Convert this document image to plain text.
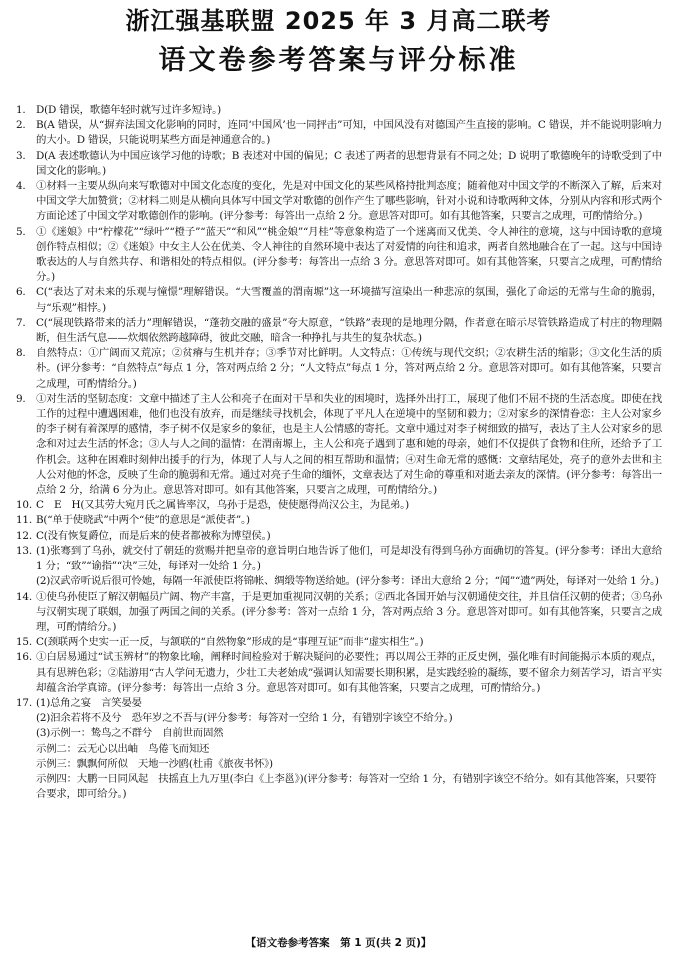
浙江强基联盟 2025 年 3 月高二联考
语文卷参考答案与评分标准

1. D(D 错误，歌德年轻时就写过许多短诗。)

2. B(A 错误，从“摒弃法国文化影响的同时，连同‘中国风’也一同抨击”可知，中国风没有对德国产生直接的影响。C 错误，并不能说明影响力的大小。D 错误，只能说明某些方面是神通意合的。)

3. D(A 表述歌德认为中国应该学习他的诗歌；B 表述对中国的偏见；C 表述了两者的思想背景有不同之处；D 说明了歌德晚年的诗歌受到了中国文化的影响。)

4. ①材料一主要从纵向来写歌德对中国文化态度的变化，先是对中国文化的某些风格持批判态度；随着他对中国文学的不断深入了解，后来对中国文学大加赞赏；②材料二则是从横向具体写中国文学对歌德的创作产生了哪些影响，针对小说和诗歌两种文体，分别从内容和形式两个方面论述了中国文学对歌德创作的影响。(评分参考：每答出一点给 2 分。意思答对即可。如有其他答案，只要言之成理，可酌情给分。)

5. ①《迷娘》中“柠檬花”“绿叶”“橙子”“蓝天”“和风”“桃金娘”“月桂”等意象构造了一个迷离而又优美、令人神往的意境，这与中国诗歌的意境创作特点相似；②《迷娘》中女主人公在优美、令人神往的自然环境中表达了对爱情的向往和追求，两者自然地融合在了一起。这与中国诗歌表达的人与自然共存、和谐相处的特点相似。(评分参考：每答出一点给 3 分。意思答对即可。如有其他答案，只要言之成理，可酌情给分。)

6. C(“表达了对未来的乐观与憧憬”理解错误。“大雪覆盖的渭南塬”这一环境描写渲染出一种悲凉的氛围，强化了命运的无常与生命的脆弱，与“乐观”相悖。)

7. C(“展现铁路带来的活力”理解错误，“蓬勃交融的盛景”夸大原意，“铁路”表现的是地理分隔，作者意在暗示尽管铁路造成了村庄的物理隔断，但生活气息——炊烟依然跨越障碍，彼此交融，暗含一种挣扎与共生的复杂状态。)

8. 自然特点：①广阔而又荒凉；②贫瘠与生机并存；③季节对比鲜明。人文特点：①传统与现代交织；②农耕生活的缩影；③文化生活的质朴。(评分参考：“自然特点”每点 1 分，答对两点给 2 分；“人文特点”每点 1 分，答对两点给 2 分。意思答对即可。如有其他答案，只要言之成理，可酌情给分。)

9. ①对生活的坚韧态度：文章中描述了主人公和亮子在面对干旱和失业的困境时，选择外出打工，展现了他们不屈不挠的生活态度。即使在找工作的过程中遭遇困难，他们也没有放弃，而是继续寻找机会，体现了平凡人在逆境中的坚韧和毅力；②对家乡的深情眷恋：主人公对家乡的李子树有着深厚的感情，李子树不仅是家乡的象征，也是主人公情感的寄托。文章中通过对李子树细致的描写，表达了主人公对家乡的思念和对过去生活的怀念；③人与人之间的温情：在渭南塬上，主人公和亮子遇到了惠和她的母亲，她们不仅提供了食物和住所，还给予了工作机会。这种在困难时刻伸出援手的行为，体现了人与人之间的相互帮助和温情；④对生命无常的感慨：文章结尾处，亮子的意外去世和主人公对他的怀念，反映了生命的脆弱和无常。通过对亮子生命的缅怀，文章表达了对生命的尊重和对逝去亲友的深情。(评分参考：每答出一点给 2 分，给满 6 分为止。意思答对即可。如有其他答案，只要言之成理，可酌情给分。)

10. C　E　H(又其劳大宛月氏之属皆率汉，乌孙于是恐，使使愿得尚汉公主，为昆弟。)

11. B(“单于使晓武”中两个“使”的意思是“派使者”。)

12. C(没有恢复爵位，而是后来的使者都被称为博望侯。)

13. (1)张骞到了乌孙，就交付了朝廷的赏赐并把皇帝的意旨明白地告诉了他们，可是却没有得到乌孙方面确切的答复。(评分参考：译出大意给 1 分；“致”“谕指”“决”三处，每译对一处给 1 分。)

(2)汉武帝听说后很可怜她，每隔一年派使臣将锦帐、绸缎等物送给她。(评分参考：译出大意给 2 分；“闻”“遗”两处，每译对一处给 1 分。)

14. ①使乌孙使臣了解汉朝幅员广阔、物产丰富，于是更加重视同汉朝的关系；②西北各国开始与汉朝通使交往，并且信任汉朝的使者；③乌孙与汉朝实现了联姻，加强了两国之间的关系。(评分参考：答对一点给 1 分，答对两点给 3 分。意思答对即可。如有其他答案，只要言之成理，可酌情给分。)

15. C(颈联两个史实一正一反，与颔联的“自然物象”形成的是“事理互证”而非“虚实相生”。)

16. ①白居易通过“试玉辨材”的物象比喻，阐释时间检验对于解决疑问的必要性；再以周公王莽的正反史例，强化唯有时间能揭示本质的观点，具有思辨色彩；②陆游用“古人学问无遗力，少壮工夫老始成”强调认知需要长期积累，是实践经验的凝练，要不留余力刻苦学习，语言平实却蕴含治学真谛。(评分参考：每答出一点给 3 分。意思答对即可。如有其他答案，只要言之成理，可酌情给分。)

17. (1)总角之宴　言笑晏晏

(2)汩余若将不及兮　恐年岁之不吾与(评分参考：每答对一空给 1 分，有错别字该空不给分。)

(3)示例一：鸷鸟之不群兮　自前世而固然

示例二：云无心以出岫　鸟倦飞而知还

示例三：飘飘何所似　天地一沙鸥(杜甫《旅夜书怀》)

示例四：大鹏一日同风起　扶摇直上九万里(李白《上李邕》)(评分参考：每答对一空给 1 分，有错别字该空不给分。如有其他答案，只要符合要求，即可给分。)

【语文卷参考答案　第 1 页(共 2 页)】
